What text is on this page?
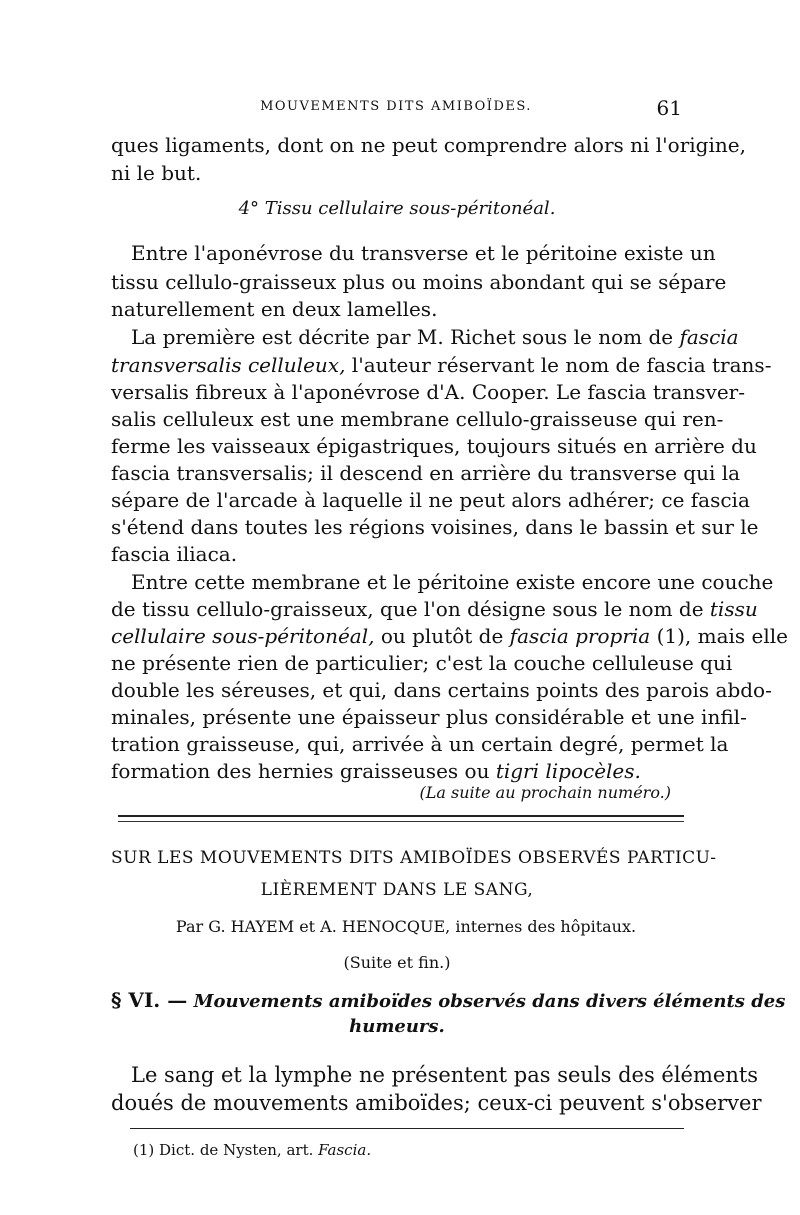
MOUVEMENTS DITS AMIBOÏDES.	61
ques ligaments, dont on ne peut comprendre alors ni l'origine,
ni le but.
4° Tissu cellulaire sous-péritonéal.
Entre l'aponévrose du transverse et le péritoine existe un
tissu cellulo-graisseux plus ou moins abondant qui se sépare
naturellement en deux lamelles.
La première est décrite par M. Richet sous le nom de fascia
transversalis celluleux, l'auteur réservant le nom de fascia trans-
versalis fibreux à l'aponévrose d'A. Cooper. Le fascia transver-
salis celluleux est une membrane cellulo-graisseuse qui ren-
ferme les vaisseaux épigastriques, toujours situés en arrière du
fascia transversalis; il descend en arrière du transverse qui la
sépare de l'arcade à laquelle il ne peut alors adhérer; ce fascia
s'étend dans toutes les régions voisines, dans le bassin et sur le
fascia iliaca.
Entre cette membrane et le péritoine existe encore une couche
de tissu cellulo-graisseux, que l'on désigne sous le nom de tissu
cellulaire sous-péritonéal, ou plutôt de fascia propria (1), mais elle
ne présente rien de particulier; c'est la couche celluleuse qui
double les séreuses, et qui, dans certains points des parois abdo-
minales, présente une épaisseur plus considérable et une infil-
tration graisseuse, qui, arrivée à un certain degré, permet la
formation des hernies graisseuses ou tigri lipocèles.
(La suite au prochain numéro.)
SUR LES MOUVEMENTS DITS AMIBOÏDES OBSERVÉS PARTICU-
LIÈREMENT DANS LE SANG,
Par G. HAYEM et A. HENOCQUE, internes des hôpitaux.
(Suite et fin.)
§ VI. — Mouvements amiboïdes observés dans divers éléments des
humeurs.
Le sang et la lymphe ne présentent pas seuls des éléments
doués de mouvements amiboïdes; ceux-ci peuvent s'observer
(1) Dict. de Nysten, art. Fascia.
